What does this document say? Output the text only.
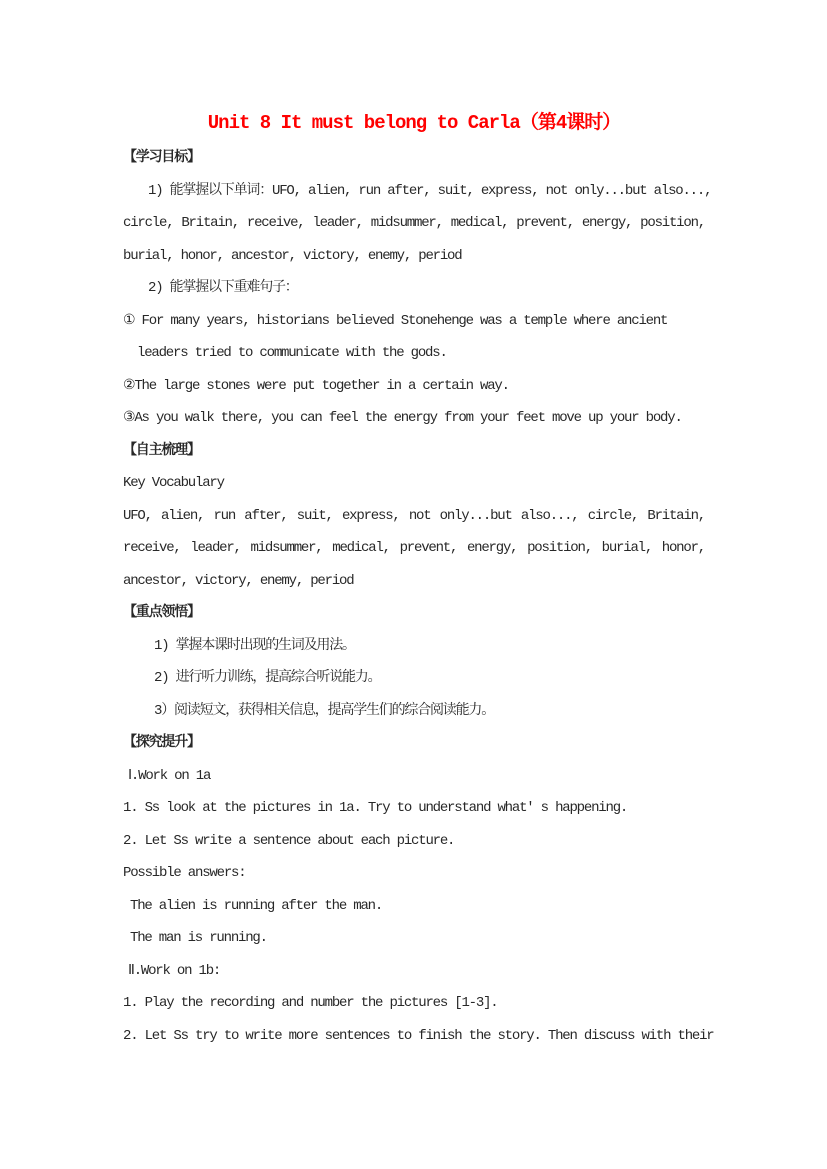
Unit 8 It must belong to Carla（第4课时）
【学习目标】
1) 能掌握以下单词：UFO, alien, run after, suit, express, not only...but also...,
circle, Britain, receive, leader, midsummer, medical, prevent, energy, position,
burial, honor, ancestor, victory, enemy, period
2) 能掌握以下重难句子：
① For many years, historians believed Stonehenge was a temple where ancient
leaders tried to communicate with the gods.
②The large stones were put together in a certain way.
③As you walk there, you can feel the energy from your feet move up your body.
【自主梳理】
Key Vocabulary
UFO, alien, run after, suit, express, not only...but also..., circle, Britain,
receive, leader, midsummer, medical, prevent, energy, position, burial, honor,
ancestor, victory, enemy, period
【重点领悟】
1) 掌握本课时出现的生词及用法。
2) 进行听力训练，提高综合听说能力。
3）阅读短文，获得相关信息，提高学生们的综合阅读能力。
【探究提升】
Ⅰ.Work on 1a
1. Ss look at the pictures in 1a. Try to understand what' s happening.
2. Let Ss write a sentence about each picture.
Possible answers:
The alien is running after the man.
The man is running.
Ⅱ.Work on 1b:
1. Play the recording and number the pictures [1-3].
2. Let Ss try to write more sentences to finish the story. Then discuss with their
